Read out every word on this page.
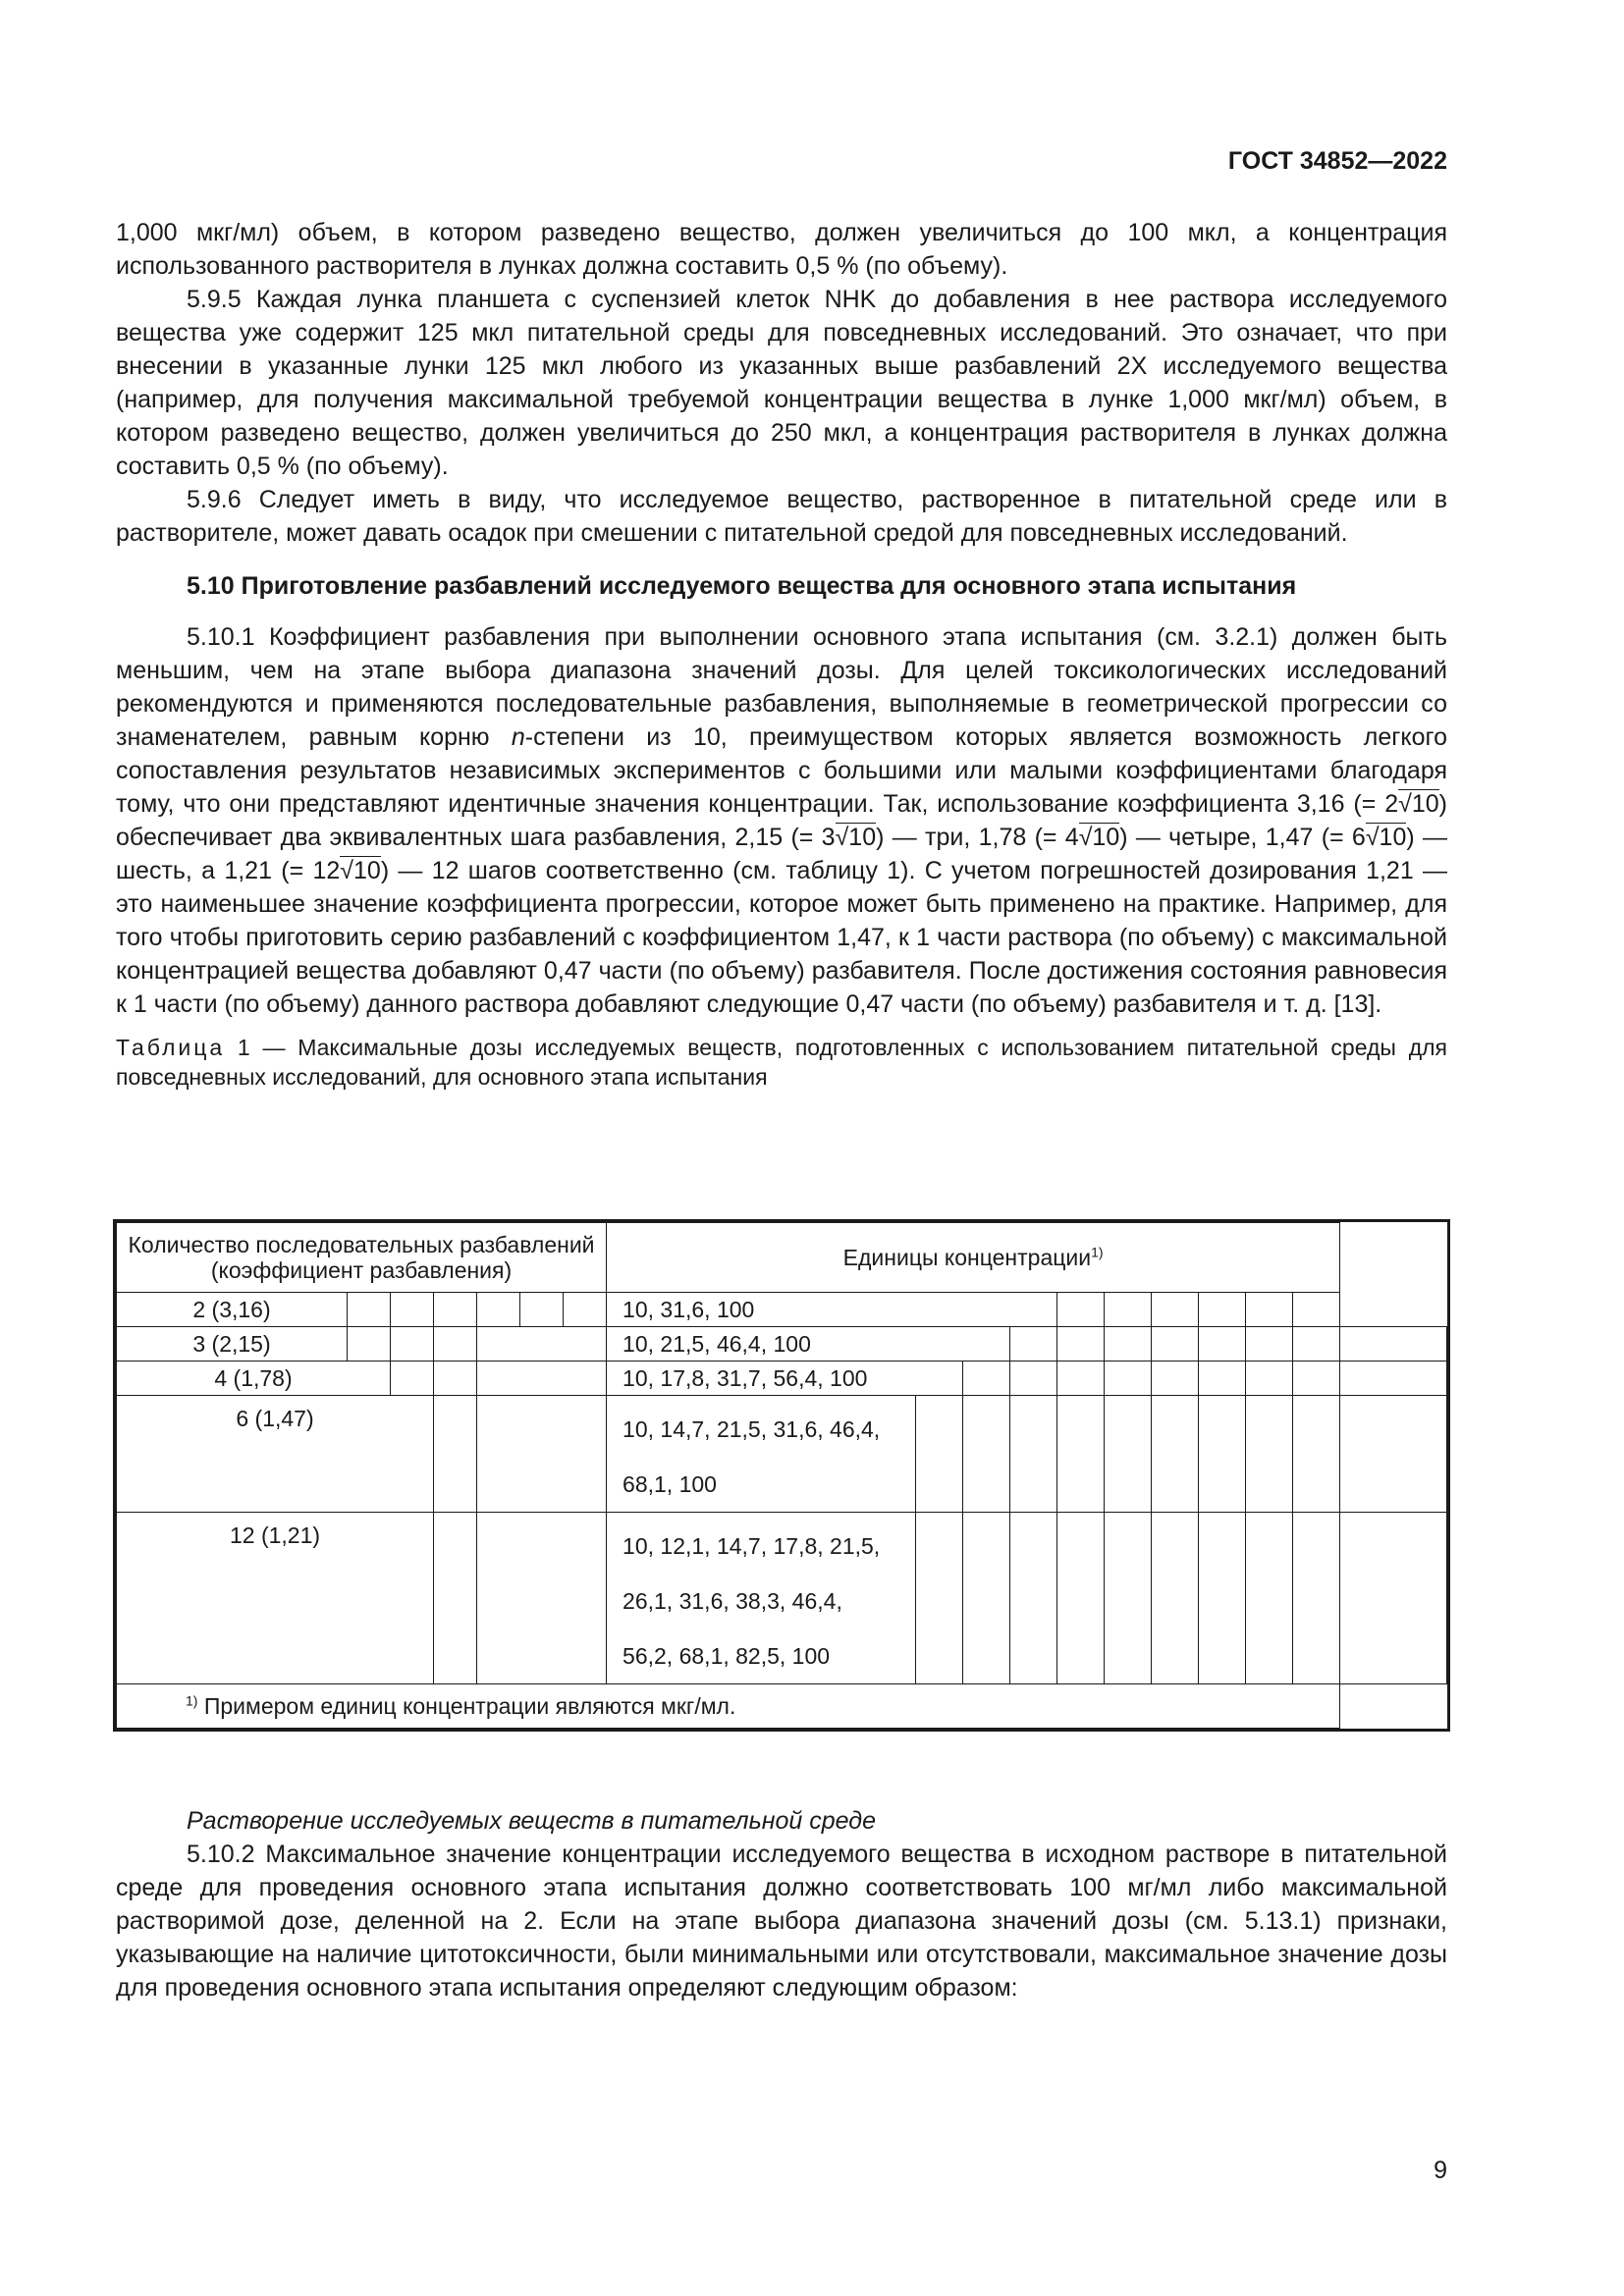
ГОСТ 34852—2022

1,000 мкг/мл) объем, в котором разведено вещество, должен увеличиться до 100 мкл, а концентрация использованного растворителя в лунках должна составить 0,5 % (по объему).

5.9.5 Каждая лунка планшета с суспензией клеток NHK до добавления в нее раствора исследуемого вещества уже содержит 125 мкл питательной среды для повседневных исследований. Это означает, что при внесении в указанные лунки 125 мкл любого из указанных выше разбавлений 2Х исследуемого вещества (например, для получения максимальной требуемой концентрации вещества в лунке 1,000 мкг/мл) объем, в котором разведено вещество, должен увеличиться до 250 мкл, а концентрация растворителя в лунках должна составить 0,5 % (по объему).

5.9.6 Следует иметь в виду, что исследуемое вещество, растворенное в питательной среде или в растворителе, может давать осадок при смешении с питательной средой для повседневных исследований.

5.10 Приготовление разбавлений исследуемого вещества для основного этапа испытания

5.10.1 Коэффициент разбавления при выполнении основного этапа испытания (см. 3.2.1) должен быть меньшим, чем на этапе выбора диапазона значений дозы. Для целей токсикологических исследований рекомендуются и применяются последовательные разбавления, выполняемые в геометрической прогрессии со знаменателем, равным корню n-степени из 10, преимуществом которых является возможность легкого сопоставления результатов независимых экспериментов с большими или малыми коэффициентами благодаря тому, что они представляют идентичные значения концентрации. Так, использование коэффициента 3,16 (= 2√10) обеспечивает два эквивалентных шага разбавления, 2,15 (= 3√10) — три, 1,78 (= 4√10) — четыре, 1,47 (= 6√10) — шесть, а 1,21 (= 12√10) — 12 шагов соответственно (см. таблицу 1). С учетом погрешностей дозирования 1,21 — это наименьшее значение коэффициента прогрессии, которое может быть применено на практике. Например, для того чтобы приготовить серию разбавлений с коэффициентом 1,47, к 1 части раствора (по объему) с максимальной концентрацией вещества добавляют 0,47 части (по объему) разбавителя. После достижения состояния равновесия к 1 части (по объему) данного раствора добавляют следующие 0,47 части (по объему) разбавителя и т. д. [13].

Таблица 1 — Максимальные дозы исследуемых веществ, подготовленных с использованием питательной среды для повседневных исследований, для основного этапа испытания

Количество последовательных разбавлений (коэффициент разбавления)							Единицы концентрации$^{1)}$
2 (3,16)							10, 31,6, 100										
3 (2,15)							10, 21,5, 46,4, 100										
4 (1,78)							10, 17,8, 31,7, 56,4, 100										
6 (1,47)							10, 14,7, 21,5, 31,6, 46,4,
68,1, 100										
12 (1,21)							10, 12,1, 14,7, 17,8, 21,5,
26,1, 31,6, 38,3, 46,4,
56,2, 68,1, 82,5, 100										
$^{1)}$ Примером единиц концентрации являются мкг/мл.																	

Растворение исследуемых веществ в питательной среде

5.10.2 Максимальное значение концентрации исследуемого вещества в исходном растворе в питательной среде для проведения основного этапа испытания должно соответствовать 100 мг/мл либо максимальной растворимой дозе, деленной на 2. Если на этапе выбора диапазона значений дозы (см. 5.13.1) признаки, указывающие на наличие цитотоксичности, были минимальными или отсутствовали, максимальное значение дозы для проведения основного этапа испытания определяют следующим образом:

9
